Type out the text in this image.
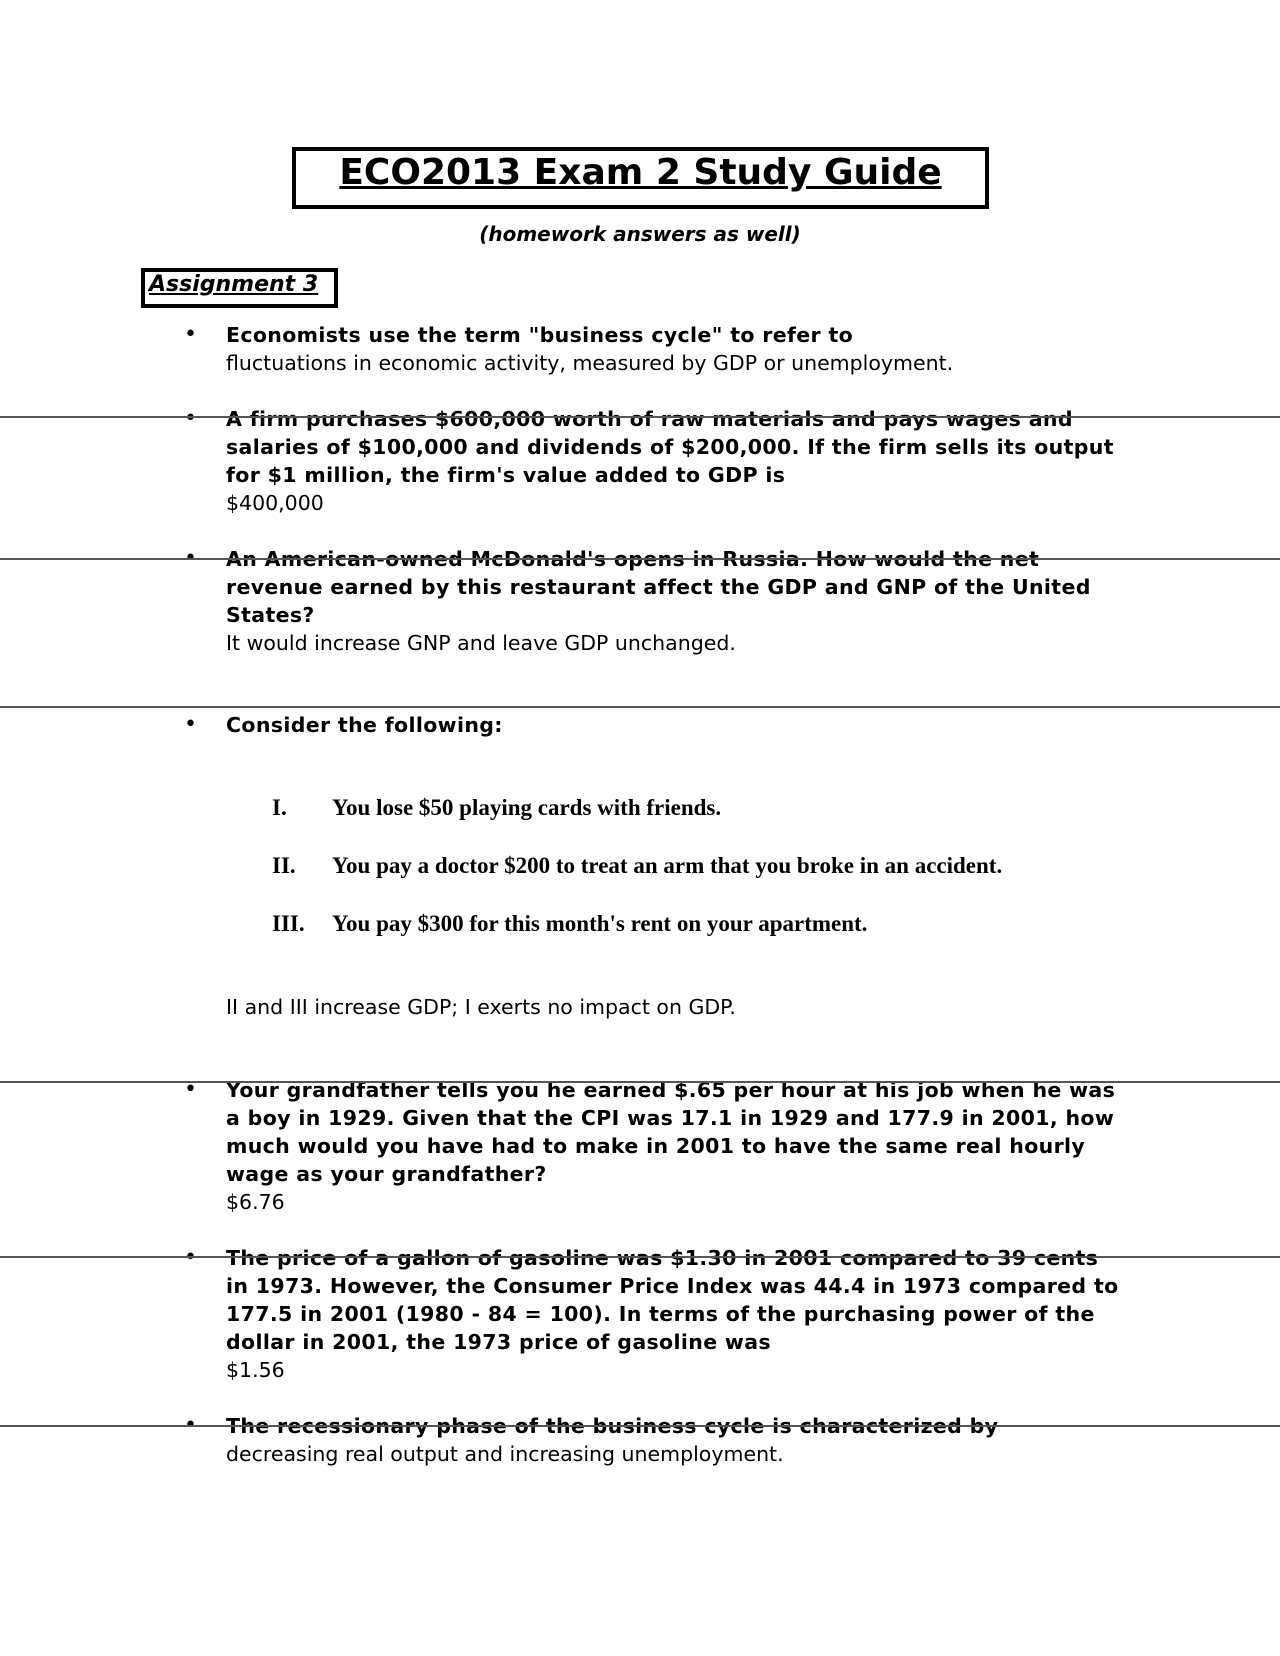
ECO2013 Exam 2 Study Guide
(homework answers as well)
Assignment 3
• Economists use the term "business cycle" to refer to
fluctuations in economic activity, measured by GDP or unemployment.
• A firm purchases $600,000 worth of raw materials and pays wages and salaries of $100,000 and dividends of $200,000. If the firm sells its output for $1 million, the firm's value added to GDP is
$400,000
• An American-owned McDonald's opens in Russia. How would the net revenue earned by this restaurant affect the GDP and GNP of the United States?
It would increase GNP and leave GDP unchanged.
• Consider the following:
I. You lose $50 playing cards with friends.
II. You pay a doctor $200 to treat an arm that you broke in an accident.
III. You pay $300 for this month's rent on your apartment.
II and III increase GDP; I exerts no impact on GDP.
• Your grandfather tells you he earned $.65 per hour at his job when he was a boy in 1929. Given that the CPI was 17.1 in 1929 and 177.9 in 2001, how much would you have had to make in 2001 to have the same real hourly wage as your grandfather?
$6.76
• The price of a gallon of gasoline was $1.30 in 2001 compared to 39 cents in 1973. However, the Consumer Price Index was 44.4 in 1973 compared to 177.5 in 2001 (1980 - 84 = 100). In terms of the purchasing power of the dollar in 2001, the 1973 price of gasoline was
$1.56
• The recessionary phase of the business cycle is characterized by
decreasing real output and increasing unemployment.
